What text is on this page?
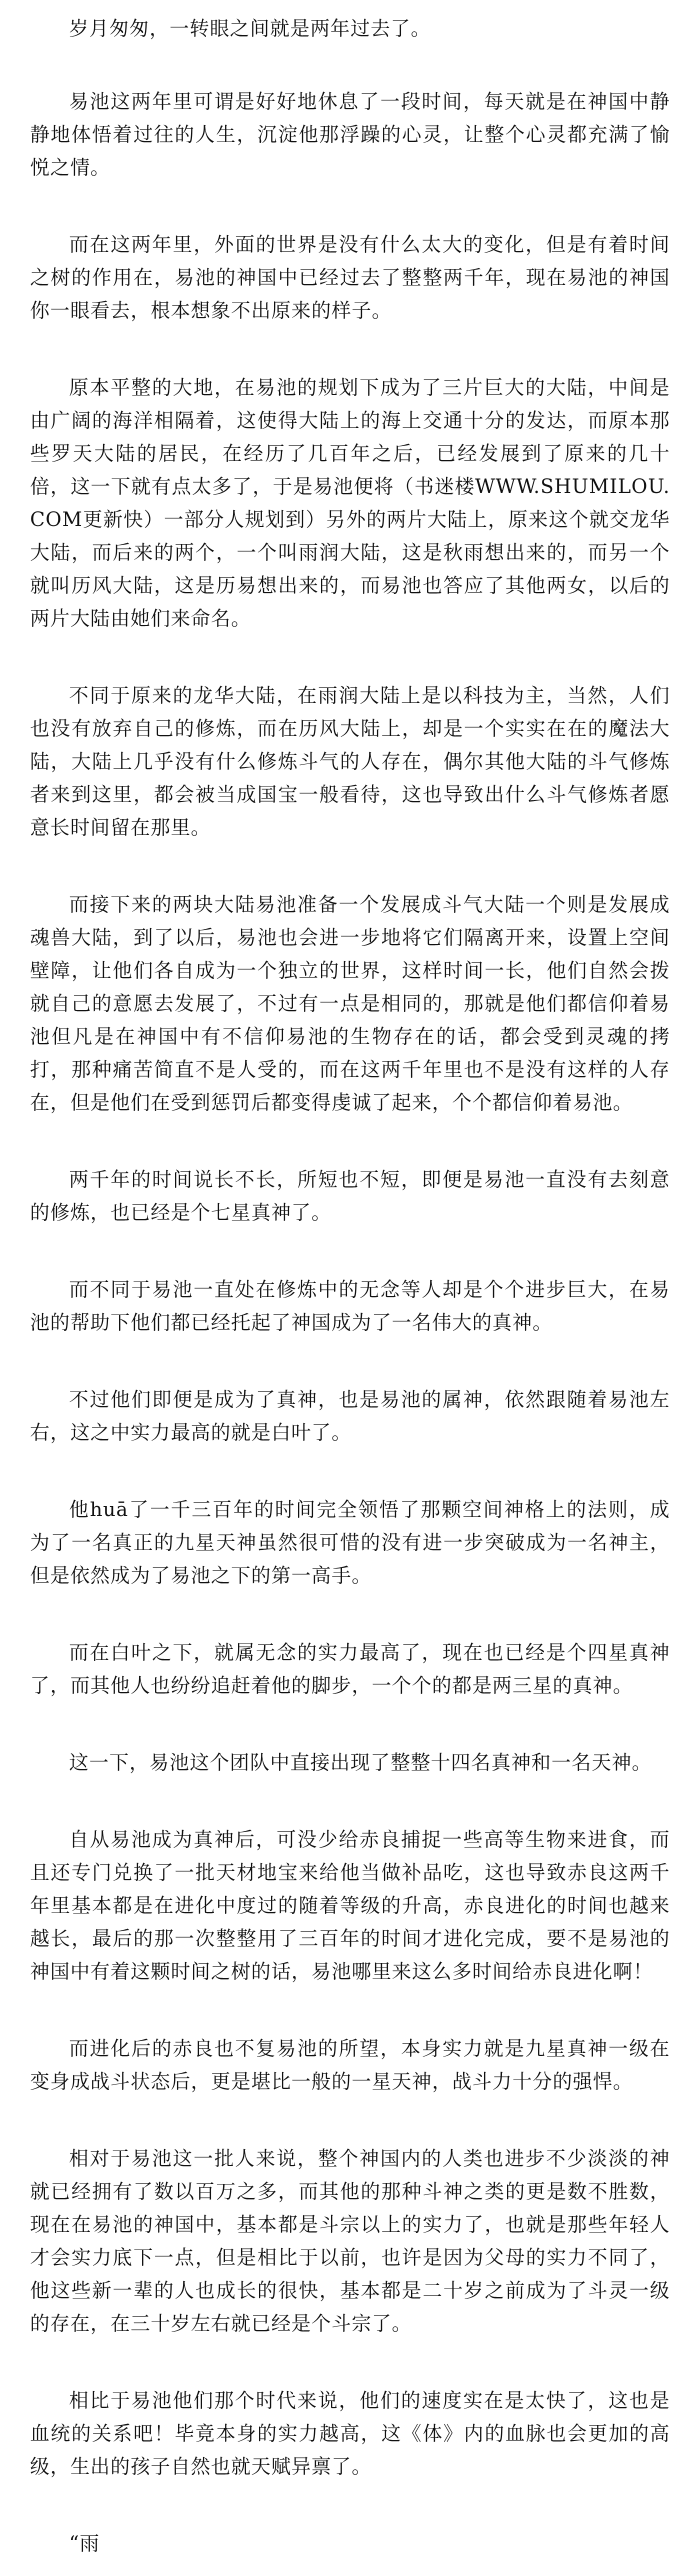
岁月匆匆，一转眼之间就是两年过去了。

易池这两年里可谓是好好地休息了一段时间，每天就是在神国中静静地体悟着过往的人生，沉淀他那浮躁的心灵，让整个心灵都充满了愉悦之情。

而在这两年里，外面的世界是没有什么太大的变化，但是有着时间之树的作用在，易池的神国中已经过去了整整两千年，现在易池的神国你一眼看去，根本想象不出原来的样子。

原本平整的大地，在易池的规划下成为了三片巨大的大陆，中间是由广阔的海洋相隔着，这使得大陆上的海上交通十分的发达，而原本那些罗天大陆的居民，在经历了几百年之后，已经发展到了原来的几十倍，这一下就有点太多了，于是易池便将（书迷楼WWW.SHUMILOU.COM更新快）一部分人规划到）另外的两片大陆上，原来这个就交龙华大陆，而后来的两个，一个叫雨润大陆，这是秋雨想出来的，而另一个就叫历风大陆，这是历易想出来的，而易池也答应了其他两女，以后的两片大陆由她们来命名。

不同于原来的龙华大陆，在雨润大陆上是以科技为主，当然，人们也没有放弃自己的修炼，而在历风大陆上，却是一个实实在在的魔法大陆，大陆上几乎没有什么修炼斗气的人存在，偶尔其他大陆的斗气修炼者来到这里，都会被当成国宝一般看待，这也导致出什么斗气修炼者愿意长时间留在那里。

而接下来的两块大陆易池准备一个发展成斗气大陆一个则是发展成魂兽大陆，到了以后，易池也会进一步地将它们隔离开来，设置上空间壁障，让他们各自成为一个独立的世界，这样时间一长，他们自然会拨就自己的意愿去发展了，不过有一点是相同的，那就是他们都信仰着易池但凡是在神国中有不信仰易池的生物存在的话，都会受到灵魂的拷打，那种痛苦简直不是人受的，而在这两千年里也不是没有这样的人存在，但是他们在受到惩罚后都变得虔诚了起来，个个都信仰着易池。

两千年的时间说长不长，所短也不短，即便是易池一直没有去刻意的修炼，也已经是个七星真神了。

而不同于易池一直处在修炼中的无念等人却是个个进步巨大，在易池的帮助下他们都已经托起了神国成为了一名伟大的真神。

不过他们即便是成为了真神，也是易池的属神，依然跟随着易池左右，这之中实力最高的就是白叶了。

他huā了一千三百年的时间完全领悟了那颗空间神格上的法则，成为了一名真正的九星天神虽然很可惜的没有进一步突破成为一名神主，但是依然成为了易池之下的第一高手。

而在白叶之下，就属无念的实力最高了，现在也已经是个四星真神了，而其他人也纷纷追赶着他的脚步，一个个的都是两三星的真神。

这一下，易池这个团队中直接出现了整整十四名真神和一名天神。

自从易池成为真神后，可没少给赤良捕捉一些高等生物来进食，而且还专门兑换了一批天材地宝来给他当做补品吃，这也导致赤良这两千年里基本都是在进化中度过的随着等级的升高，赤良进化的时间也越来越长，最后的那一次整整用了三百年的时间才进化完成，要不是易池的神国中有着这颗时间之树的话，易池哪里来这么多时间给赤良进化啊！

而进化后的赤良也不复易池的所望，本身实力就是九星真神一级在变身成战斗状态后，更是堪比一般的一星天神，战斗力十分的强悍。

相对于易池这一批人来说，整个神国内的人类也进步不少淡淡的神就已经拥有了数以百万之多，而其他的那种斗神之类的更是数不胜数，现在在易池的神国中，基本都是斗宗以上的实力了，也就是那些年轻人才会实力底下一点，但是相比于以前，也许是因为父母的实力不同了，他这些新一辈的人也成长的很快，基本都是二十岁之前成为了斗灵一级的存在，在三十岁左右就已经是个斗宗了。

相比于易池他们那个时代来说，他们的速度实在是太快了，这也是血统的关系吧！毕竟本身的实力越高，这《体》内的血脉也会更加的高级，生出的孩子自然也就天赋异禀了。

“雨
